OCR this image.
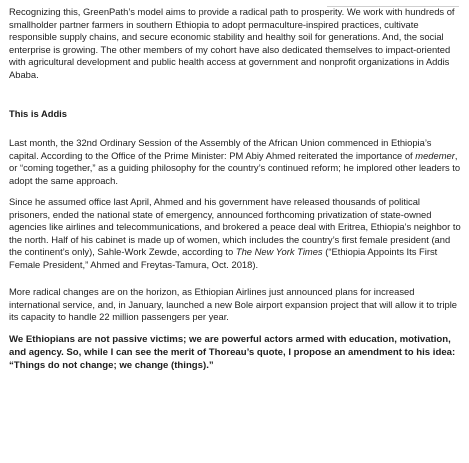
Recognizing this, GreenPath’s model aims to provide a radical path to prosperity. We work with hundreds of smallholder partner farmers in southern Ethiopia to adopt permaculture-inspired practices, cultivate responsible supply chains, and secure economic stability and healthy soil for generations. And, the social enterprise is growing. The other members of my cohort have also dedicated themselves to impact-oriented with agricultural development and public health access at government and nonprofit organizations in Addis Ababa.

This is Addis

Last month, the 32nd Ordinary Session of the Assembly of the African Union commenced in Ethiopia’s capital. According to the Office of the Prime Minister: PM Abiy Ahmed reiterated the importance of medemer, or “coming together,” as a guiding philosophy for the country’s continued reform; he implored other leaders to adopt the same approach.

Since he assumed office last April, Ahmed and his government have released thousands of political prisoners, ended the national state of emergency, announced forthcoming privatization of state-owned agencies like airlines and telecommunications, and brokered a peace deal with Eritrea, Ethiopia’s neighbor to the north. Half of his cabinet is made up of women, which includes the country’s first female president (and the continent’s only), Sahle-Work Zewde, according to The New York Times (“Ethiopia Appoints Its First Female President,” Ahmed and Freytas-Tamura, Oct. 2018).

More radical changes are on the horizon, as Ethiopian Airlines just announced plans for increased international service, and, in January, launched a new Bole airport expansion project that will allow it to triple its capacity to handle 22 million passengers per year.

We Ethiopians are not passive victims; we are powerful actors armed with education, motivation, and agency. So, while I can see the merit of Thoreau’s quote, I propose an amendment to his idea: “Things do not change; we change (things).”
